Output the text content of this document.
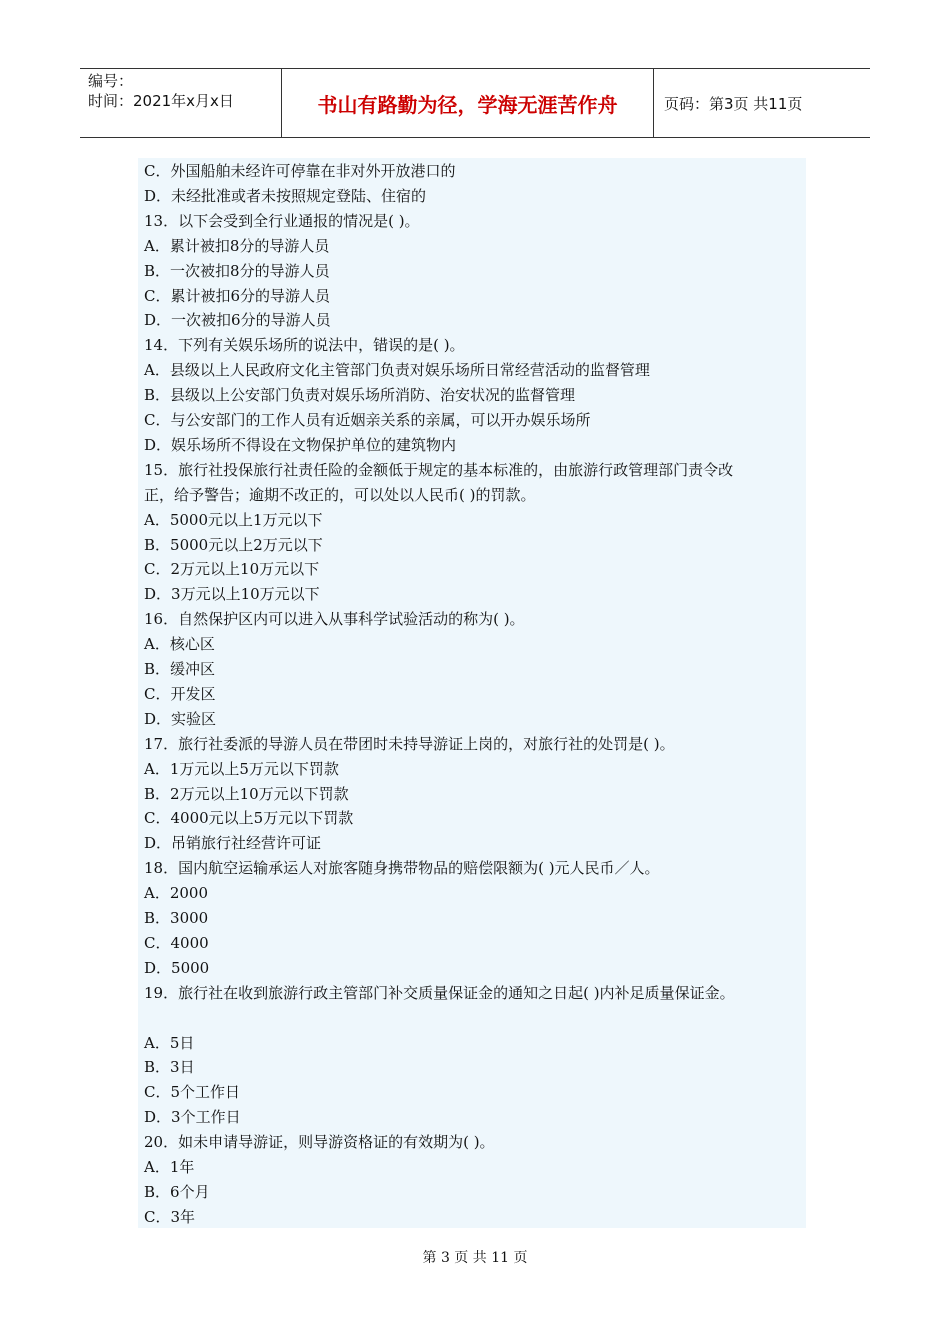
编号：
时间：2021年x月x日	书山有路勤为径，学海无涯苦作舟	页码：第3页 共11页
C．外国船舶未经许可停靠在非对外开放港口的
D．未经批准或者未按照规定登陆、住宿的
13．以下会受到全行业通报的情况是( )。
A．累计被扣8分的导游人员
B．一次被扣8分的导游人员
C．累计被扣6分的导游人员
D．一次被扣6分的导游人员
14．下列有关娱乐场所的说法中，错误的是( )。
A．县级以上人民政府文化主管部门负责对娱乐场所日常经营活动的监督管理
B．县级以上公安部门负责对娱乐场所消防、治安状况的监督管理
C．与公安部门的工作人员有近姻亲关系的亲属，可以开办娱乐场所
D．娱乐场所不得设在文物保护单位的建筑物内
15．旅行社投保旅行社责任险的金额低于规定的基本标准的，由旅游行政管理部门责令改
正，给予警告；逾期不改正的，可以处以人民币( )的罚款。
A．5000元以上1万元以下
B．5000元以上2万元以下
C．2万元以上10万元以下
D．3万元以上10万元以下
16．自然保护区内可以进入从事科学试验活动的称为( )。
A．核心区
B．缓冲区
C．开发区
D．实验区
17．旅行社委派的导游人员在带团时未持导游证上岗的，对旅行社的处罚是( )。
A．1万元以上5万元以下罚款
B．2万元以上10万元以下罚款
C．4000元以上5万元以下罚款
D．吊销旅行社经营许可证
18．国内航空运输承运人对旅客随身携带物品的赔偿限额为( )元人民币／人。
A．2000
B．3000
C．4000
D．5000
19．旅行社在收到旅游行政主管部门补交质量保证金的通知之日起( )内补足质量保证金。
A．5日
B．3日
C．5个工作日
D．3个工作日
20．如未申请导游证，则导游资格证的有效期为( )。
A．1年
B．6个月
C．3年
第 3 页 共 11 页
